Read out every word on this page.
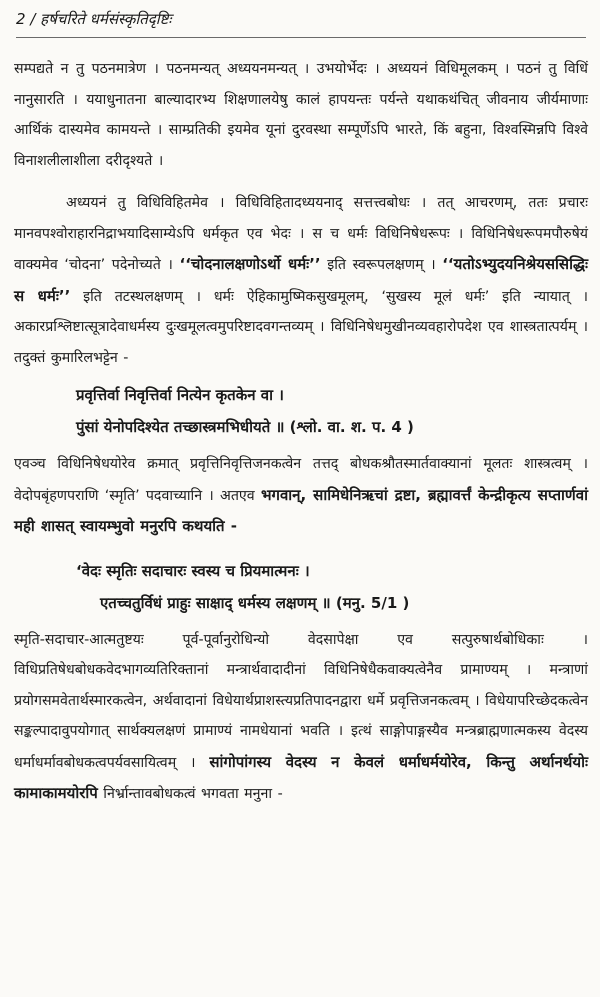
2 / हर्षचरिते धर्मसंस्कृतिदृष्टिः

सम्पद्यते न तु पठनमात्रेण । पठनमन्यत् अध्ययनमन्यत् । उभयोर्भेदः । अध्ययनं विधिमूलकम् । पठनं तु विधिं नानुसारति । ययाधुनातना बाल्यादारभ्य शिक्षणालयेषु कालं हापयन्तः पर्यन्ते यथाकथंचित् जीवनाय जीर्यमाणाः आर्थिकं दास्यमेव कामयन्ते । साम्प्रतिकी इयमेव यूनां दुरवस्था सम्पूर्णेऽपि भारते, किं बहुना, विश्वस्मिन्नपि विश्वे विनाशलीलाशीला दरीदृश्यते ।

अध्ययनं तु विधिविहितमेव । विधिविहितादध्ययनाद् सत्तत्त्वबोधः । तत् आचरणम्, ततः प्रचारः मानवपश्वोराहारनिद्राभयादिसाम्येऽपि धर्मकृत एव भेदः । स च धर्मः विधिनिषेधरूपः । विधिनिषेधरूपमपौरुषेयं वाक्यमेव ‘चोदना’ पदेनोच्यते । ‘‘चोदनालक्षणोऽर्थो धर्मः’’ इति स्वरूपलक्षणम् । ‘‘यतोऽभ्युदयनिश्रेयससिद्धिः स धर्मः’’ इति तटस्थलक्षणम् । धर्मः ऐहिकामुष्मिकसुखमूलम्, ‘सुखस्य मूलं धर्मः’ इति न्यायात् । अकारप्रश्लिष्टात्सूत्रादेवाधर्मस्य दुःखमूलत्वमुपरिष्टादवगन्तव्यम् । विधिनिषेधमुखीनव्यवहारोपदेश एव शास्त्रतात्पर्यम् । तदुक्तं कुमारिलभट्टेन -

प्रवृत्तिर्वा निवृत्तिर्वा नित्येन कृतकेन वा ।
पुंसां येनोपदिश्येत तच्छास्त्रमभिधीयते ॥ (श्लो. वा. श. प. 4 )

एवञ्च विधिनिषेधयोरेव क्रमात् प्रवृत्तिनिवृत्तिजनकत्वेन तत्तद् बोधकश्रौतस्मार्तवाक्यानां मूलतः शास्त्रत्वम् । वेदोपबृंहणपराणि ‘स्मृति’ पदवाच्यानि । अतएव भगवान्, सामिधेनिऋचां द्रष्टा, ब्रह्मावर्त्तं केन्द्रीकृत्य सप्तार्णवां मही शासत् स्वायम्भुवो मनुरपि कथयति -

‘वेदः स्मृतिः सदाचारः स्वस्य च प्रियमात्मनः ।
एतच्चतुर्विधं प्राहुः साक्षाद् धर्मस्य लक्षणम् ॥ (मनु. 5/1 )

स्मृति-सदाचार-आत्मतुष्टयः पूर्व-पूर्वानुरोधिन्यो वेदसापेक्षा एव सत्पुरुषार्थबोधिकाः । विधिप्रतिषेधबोधकवेदभागव्यतिरिक्तानां मन्त्रार्थवादादीनां विधिनिषेधैकवाक्यत्वेनैव प्रामाण्यम् । मन्त्राणां प्रयोगसमवेतार्थस्मारकत्वेन, अर्थवादानां विधेयार्थप्राशस्त्यप्रतिपादनद्वारा धर्मे प्रवृत्तिजनकत्वम् । विधेयापरिच्छेदकत्वेन सङ्कल्पादावुपयोगात् सार्थक्यलक्षणं प्रामाण्यं नामधेयानां भवति । इत्थं साङ्गोपाङ्गस्यैव मन्त्रब्राह्मणात्मकस्य वेदस्य धर्माधर्मावबोधकत्वपर्यवसायित्वम् । सांगोपांगस्य वेदस्य न केवलं धर्माधर्मयोरेव, किन्तु अर्थानर्थयोः कामाकामयोरपि निर्भ्रान्तावबोधकत्वं भगवता मनुना -
